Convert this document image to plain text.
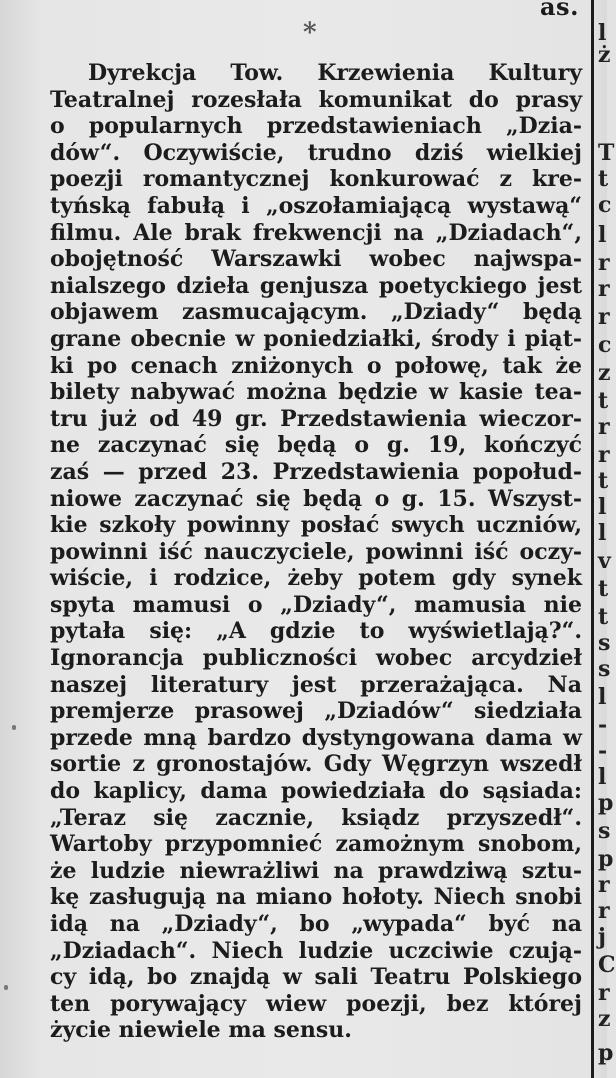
as.
*
Dyrekcja Tow. Krzewienia Kultury
Teatralnej rozesłała komunikat do prasy
o popularnych przedstawieniach „Dzia-
dów“. Oczywiście, trudno dziś wielkiej
poezji romantycznej konkurować z kre-
tyńską fabułą i „oszołamiającą wystawą“
filmu. Ale brak frekwencji na „Dziadach“,
obojętność Warszawki wobec najwspa-
nialszego dzieła genjusza poetyckiego jest
objawem zasmucającym. „Dziady“ będą
grane obecnie w poniedziałki, środy i piąt-
ki po cenach zniżonych o połowę, tak że
bilety nabywać można będzie w kasie tea-
tru już od 49 gr. Przedstawienia wieczor-
ne zaczynać się będą o g. 19, kończyć
zaś — przed 23. Przedstawienia popołud-
niowe zaczynać się będą o g. 15. Wszyst-
kie szkoły powinny posłać swych uczniów,
powinni iść nauczyciele, powinni iść oczy-
wiście, i rodzice, żeby potem gdy synek
spyta mamusi o „Dziady“, mamusia nie
pytała się: „A gdzie to wyświetlają?“.
Ignorancja publiczności wobec arcydzieł
naszej literatury jest przerażająca. Na
premjerze prasowej „Dziadów“ siedziała
przede mną bardzo dystyngowana dama w
sortie z gronostajów. Gdy Węgrzyn wszedł
do kaplicy, dama powiedziała do sąsiada:
„Teraz się zacznie, ksiądz przyszedł“.
Wartoby przypomnieć zamożnym snobom,
że ludzie niewrażliwi na prawdziwą sztu-
kę zasługują na miano hołoty. Niech snobi
idą na „Dziady“, bo „wypada“ być na
„Dziadach“. Niech ludzie uczciwie czują-
cy idą, bo znajdą w sali Teatru Polskiego
ten porywający wiew poezji, bez której
życie niewiele ma sensu.
l
ż
T
t
c
l
r
r
r
c
z
t
r
r
t
l
l
v
t
t
s
s
l
-
-
l
p
s
p
r
r
j
C
r
z
p
